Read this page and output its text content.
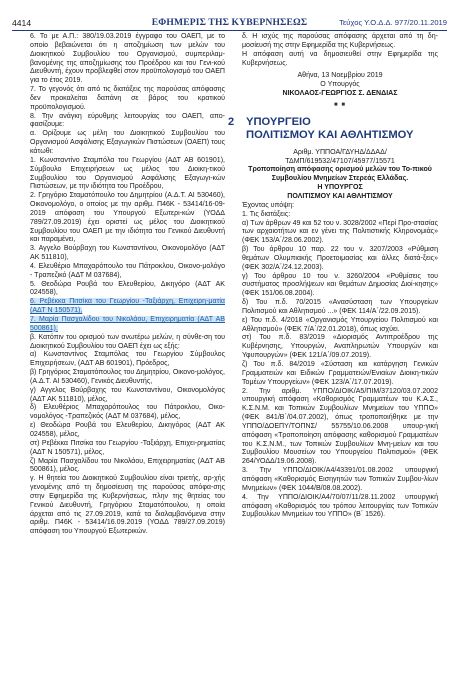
4414	ΕΦΗΜΕΡΙΣ ΤΗΣ ΚΥΒΕΡΝΗΣΕΩΣ	Τεύχος Υ.Ο.Δ.Δ. 977/20.11.2019

6. Το με Α.Π.: 380/19.03.2019 έγγραφο του ΟΑΕΠ, με το οποίο βεβαιώνεται ότι η αποζημίωση των μελών του Διοικητικού Συμβουλίου του Οργανισμού, συμπεριλαμ-βανομένης της αποζημίωσης του Προέδρου και του Γενι-κού Διευθυντή, έχουν προβλεφθεί στον προϋπολογισμό του ΟΑΕΠ για το έτος 2019.

7. Το γεγονός ότι από τις διατάξεις της παρούσας απόφασης δεν προκαλείται δαπάνη σε βάρος του κρατικού προϋπολογισμού.

8. Την ανάγκη εύρυθμης λειτουργίας του ΟΑΕΠ, απο-φασίζουμε:

α. Ορίζουμε ως μέλη του Διοικητικού Συμβουλίου του Οργανισμού Ασφάλισης Εξαγωγικών Πιστώσεων (ΟΑΕΠ) τους κάτωθι:

1. Κωνσταντίνο Σταμπόλα του Γεωργίου (ΑΔΤ ΑΒ 601901), Σύμβουλο Επιχειρήσεων ως μέλος του Διοικη-τικού Συμβουλίου του Οργανισμού Ασφάλισης Εξαγωγι-κών Πιστώσεων, με την ιδιότητα του Προέδρου,

2. Γρηγόριο Σταματόπουλο του Δημητρίου (Α.Δ.Τ. ΑΙ 530460), Οικονομολόγο, ο οποίος με την αριθμ. Π46Κ - 53414/16-09-2019 απόφαση του Υπουργού Εξωτερι-κών (ΥΟΔΔ 789/27.09.2019) έχει οριστεί ως μέλος του Διοικητικού Συμβουλίου του ΟΑΕΠ με την ιδιότητα του Γενικού Διευθυντή και παραμένει,

3. Αγγελο Βούρβαχη του Κωνσταντίνου, Οικονομολόγο (ΑΔΤ ΑΚ 511810),

4. Ελευθέριο Μπαχαρόπουλο του Πάτροκλου, Οικονο-μολόγο - Τραπεζικό (ΑΔΤ Μ 037684),

5. Θεοδώρα Ρουβά του Ελευθερίου, Δικηγόρο (ΑΔΤ ΑΚ 024558),

6. Ρεβέκκα Πιτσίκα του Γεωργίου -Ταξιάρχη, Επιχειρη-ματία (ΑΔΤ Ν 150571),

7. Μαρία Πασχαλίδου του Νικολάου, Επιχειρηματία (ΑΔΤ ΑΒ 500861).

β. Κατόπιν του ορισμού των ανωτέρω μελών, η σύνθε-ση του Διοικητικού Συμβουλίου του ΟΑΕΠ έχει ως εξής:

α) Κωνσταντίνος Σταμπόλας του Γεωργίου Σύμβουλος Επιχειρήσεων, (ΑΔΤ ΑΒ 601901), Πρόεδρος,

β) Γρηγόριος Σταματόπουλος του Δημητρίου, Οικονο-μολόγος, (Α.Δ.Τ. ΑΙ 530460), Γενικός Διευθυντής,

γ) Αγγελος Βούρβαχης του Κωνσταντίνου, Οικονομολόγος (ΑΔΤ ΑΚ 511810), μέλος,

δ) Ελευθέριος Μπαχαρόπουλος του Πάτροκλου, Οικο-νομολόγος -Τραπεζικός (ΑΔΤ Μ 037684), μέλος,

ε) Θεοδώρα Ρουβά του Ελευθερίου, Δικηγόρος (ΑΔΤ ΑΚ 024558), μέλος,

στ) Ρεβέκκα Πιτσίκα του Γεωργίου -Ταξιάρχη, Επιχει-ρηματίας (ΑΔΤ Ν 150571), μέλος,

ζ) Μαρία Πασχαλίδου του Νικολάου, Επιχειρηματίας (ΑΔΤ ΑΒ 500861), μέλος.

γ. Η θητεία του Διοικητικού Συμβουλίου είναι τριετής, αρ-χής γενομένης από τη δημοσίευση της παρούσας απόφα-σης στην Εφημερίδα της Κυβερνήσεως, πλην της θητείας του Γενικού Διευθυντή, Γρηγόριου Σταματόπουλου, η οποία άρχεται από τις 27.09.2019, κατά τα διαλαμβανόμενα στην αριθμ. Π46Κ - 53414/16.09.2019 (ΥΟΔΔ 789/27.09.2019) απόφαση του Υπουργού Εξωτερικών.

δ. Η ισχύς της παρούσας απόφασης άρχεται από τη δη-μοσίευσή της στην Εφημερίδα της Κυβερνήσεως.

Η απόφαση αυτή να δημοσιευθεί στην Εφημερίδα της Κυβερνήσεως.

Αθήνα, 13 Νοεμβρίου 2019

Ο Υπουργός

ΝΙΚΟΛΑΟΣ-ΓΕΩΡΓΙΟΣ Σ. ΔΕΝΔΙΑΣ

■ ■
2 ΥΠΟΥΡΓΕΙΟ
ΠΟΛΙΤΙΣΜΟΥ ΚΑΙ ΑΘΛΗΤΙΣΜΟΥ

Αριθμ. ΥΠΠΟΑ/ΓΔΥΗΔ/ΔΔΑΔ/

ΤΔΜΠ/619532/47107/45977/15571

Τροποποίηση απόφασης ορισμού μελών του Το-πικού Συμβουλίου Μνημείων Στερεάς Ελλάδας.

Η ΥΠΟΥΡΓΟΣ

ΠΟΛΙΤΙΣΜΟΥ ΚΑΙ ΑΘΛΗΤΙΣΜΟΥ

Έχοντας υπόψη:

1. Τις διατάξεις:

α) Των άρθρων 49 και 52 του ν. 3028/2002 «Περί Προ-στασίας των αρχαιοτήτων και εν γένει της Πολιτιστικής Κληρονομιάς» (ΦΕΚ 153/Α΄/28.06.2002).

β) Του άρθρου 10 παρ. 22 του ν. 3207/2003 «Ρύθμιση θεμάτων Ολυμπιακής Προετοιμασίας και άλλες διατά-ξεις» (ΦΕΚ 302/Α΄/24.12.2003).

γ) Του άρθρου 10 του ν. 3260/2004 «Ρυθμίσεις του συστήματος προσλήψεων και θεμάτων Δημοσίας Διοί-κησης» (ΦΕΚ 151/06.08.2004).

δ) Του π.δ. 70/2015 «Ανασύσταση των Υπουργείων Πολιτισμού και Αθλητισμού ...» (ΦΕΚ 114/Α΄/22.09.2015).

ε) Του π.δ. 4/2018 «Οργανισμός Υπουργείου Πολιτισμού και Αθλητισμού» (ΦΕΚ 7/Α΄/22.01.2018), όπως ισχύει.

στ) Του π.δ. 83/2019 «Διορισμός Αντιπροέδρου της Κυβέρνησης, Υπουργών, Αναπληρωτών Υπουργών και Υφυπουργών» (ΦΕΚ 121/Α΄/09.07.2019).

ζ) Του π.δ. 84/2019 «Σύσταση και κατάργηση Γενικών Γραμματειών και Ειδικών Γραμματειών/Ενιαίων Διοικη-τικών Τομέων Υπουργείων» (ΦΕΚ 123/Α΄/17.07.2019).

2. Την αριθμ. ΥΠΠΟ/ΔΙΟΙΚ/Α5/ΠΙΜ/37120/03.07.2002 υπουργική απόφαση «Καθορισμός Γραμματέων του Κ.Α.Σ., Κ.Σ.Ν.Μ. και Τοπικών Συμβουλίων Μνημείων του ΥΠΠΟ» (ΦΕΚ 841/Β΄/04.07.2002), όπως τροποποιήθηκε με την ΥΠΠΟ/ΔΟΕΠΥ/ΤΟΠΝΣ/ 55755/10.06.2008 υπουρ-γική απόφαση «Τροποποίηση απόφασης καθορισμού Γραμματέων του Κ.Σ.Ν.Μ., των Τοπικών Συμβουλίων Μνη-μείων και του Συμβουλίου Μουσείων του Υπουργείου Πολιτισμού» (ΦΕΚ 264/ΥΟΔΔ/19.06.2008).

3. Την ΥΠΠΟ/ΔΙΟΙΚ/Α4/43391/01.08.2002 υπουργική απόφαση «Καθορισμός Εισηγητών των Τοπικών Συμβου-λίων Μνημείων» (ΦΕΚ 1044/Β/08.08.2002).

4. Την ΥΠΠΟ/ΔΙΟΙΚ/Α4/70/07/11/28.11.2002 υπουργική απόφαση «Καθορισμός του τρόπου λειτουργίας των Τοπικών Συμβουλίων Μνημείων του ΥΠΠΟ» (Β΄ 1526).
